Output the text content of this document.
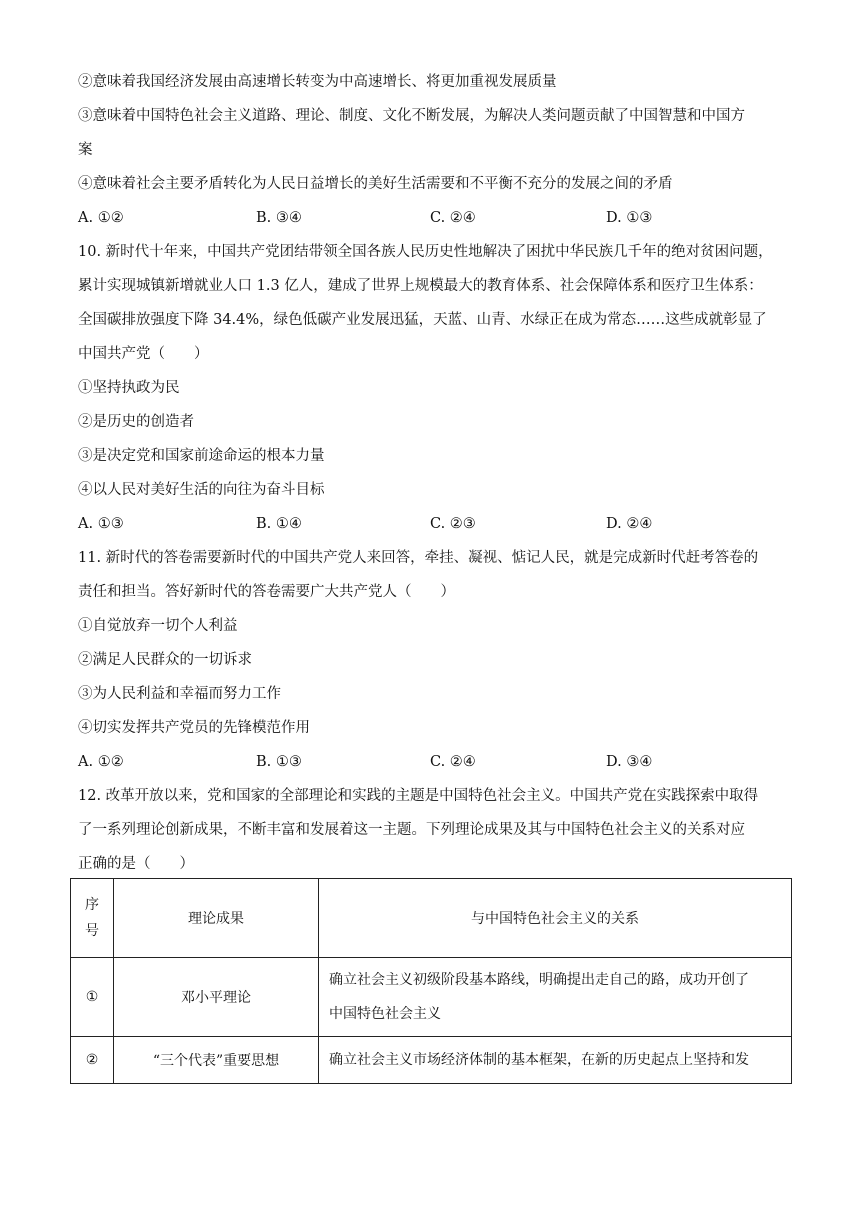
②意味着我国经济发展由高速增长转变为中高速增长、将更加重视发展质量
③意味着中国特色社会主义道路、理论、制度、文化不断发展，为解决人类问题贡献了中国智慧和中国方
案
④意味着社会主要矛盾转化为人民日益增长的美好生活需要和不平衡不充分的发展之间的矛盾
A. ①②	B. ③④	C. ②④	D. ①③
10. 新时代十年来，中国共产党团结带领全国各族人民历史性地解决了困扰中华民族几千年的绝对贫困问题，
累计实现城镇新增就业人口 1.3 亿人，建成了世界上规模最大的教育体系、社会保障体系和医疗卫生体系：
全国碳排放强度下降 34.4%，绿色低碳产业发展迅猛，天蓝、山青、水绿正在成为常态……这些成就彰显了
中国共产党（　　）
①坚持执政为民
②是历史的创造者
③是决定党和国家前途命运的根本力量
④以人民对美好生活的向往为奋斗目标
A. ①③	B. ①④	C. ②③	D. ②④
11. 新时代的答卷需要新时代的中国共产党人来回答，牵挂、凝视、惦记人民，就是完成新时代赶考答卷的
责任和担当。答好新时代的答卷需要广大共产党人（　　）
①自觉放弃一切个人利益
②满足人民群众的一切诉求
③为人民利益和幸福而努力工作
④切实发挥共产党员的先锋模范作用
A. ①②	B. ①③	C. ②④	D. ③④
12. 改革开放以来，党和国家的全部理论和实践的主题是中国特色社会主义。中国共产党在实践探索中取得
了一系列理论创新成果，不断丰富和发展着这一主题。下列理论成果及其与中国特色社会主义的关系对应
正确的是（　　）
序
号	理论成果	与中国特色社会主义的关系
①	邓小平理论	确立社会主义初级阶段基本路线，明确提出走自己的路，成功开创了
中国特色社会主义

②	“三个代表”重要思想	确立社会主义市场经济体制的基本框架，在新的历史起点上坚持和发
